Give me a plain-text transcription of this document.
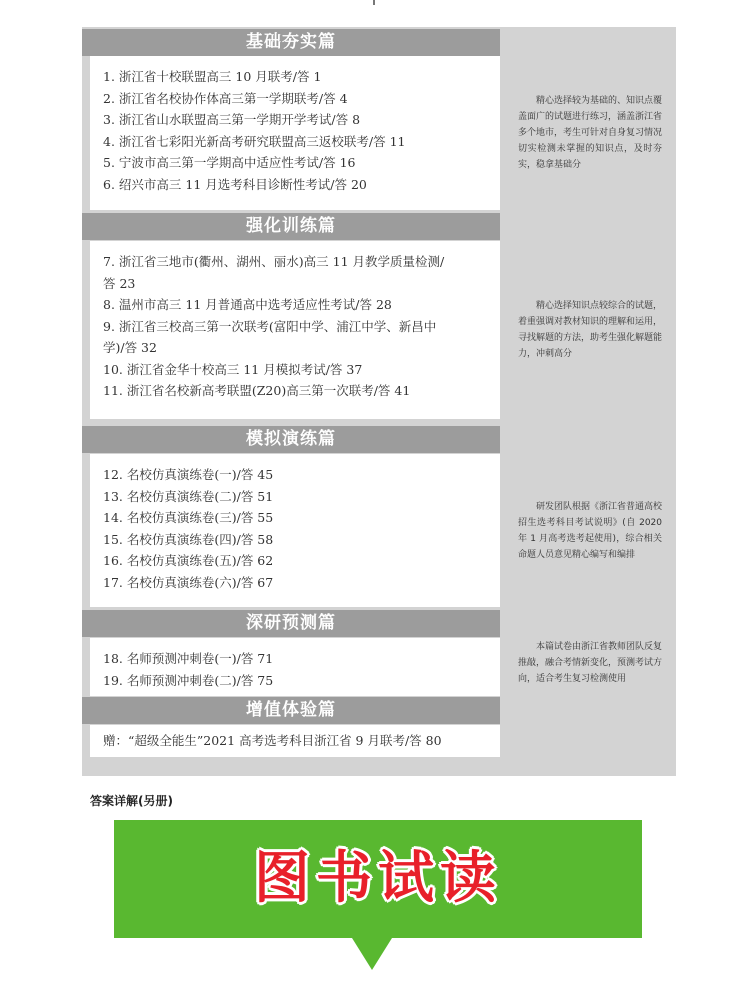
基础夯实篇
1. 浙江省十校联盟高三 10 月联考/答 1
2. 浙江省名校协作体高三第一学期联考/答 4
3. 浙江省山水联盟高三第一学期开学考试/答 8
4. 浙江省七彩阳光新高考研究联盟高三返校联考/答 11
5. 宁波市高三第一学期高中适应性考试/答 16
6. 绍兴市高三 11 月选考科目诊断性考试/答 20
精心选择较为基础的、知识点覆盖面广的试题进行练习，涵盖浙江省多个地市，考生可针对自身复习情况切实检测未掌握的知识点，及时夯实，稳拿基础分
强化训练篇
7. 浙江省三地市(衢州、湖州、丽水)高三 11 月教学质量检测/答 23
8. 温州市高三 11 月普通高中选考适应性考试/答 28
9. 浙江省三校高三第一次联考(富阳中学、浦江中学、新昌中学)/答 32
10. 浙江省金华十校高三 11 月模拟考试/答 37
11. 浙江省名校新高考联盟(Z20)高三第一次联考/答 41
精心选择知识点较综合的试题，着重强调对教材知识的理解和运用，寻找解题的方法，助考生强化解题能力，冲刺高分
模拟演练篇
12. 名校仿真演练卷(一)/答 45
13. 名校仿真演练卷(二)/答 51
14. 名校仿真演练卷(三)/答 55
15. 名校仿真演练卷(四)/答 58
16. 名校仿真演练卷(五)/答 62
17. 名校仿真演练卷(六)/答 67
研发团队根据《浙江省普通高校招生选考科目考试说明》(自 2020 年 1 月高考选考起使用)，综合相关命题人员意见精心编写和编排
深研预测篇
18. 名师预测冲刺卷(一)/答 71
19. 名师预测冲刺卷(二)/答 75
本篇试卷由浙江省教师团队反复推敲，融合考情新变化，预测考试方向，适合考生复习检测使用
增值体验篇
赠：“超级全能生”2021 高考选考科目浙江省 9 月联考/答 80
答案详解(另册)
图书试读
